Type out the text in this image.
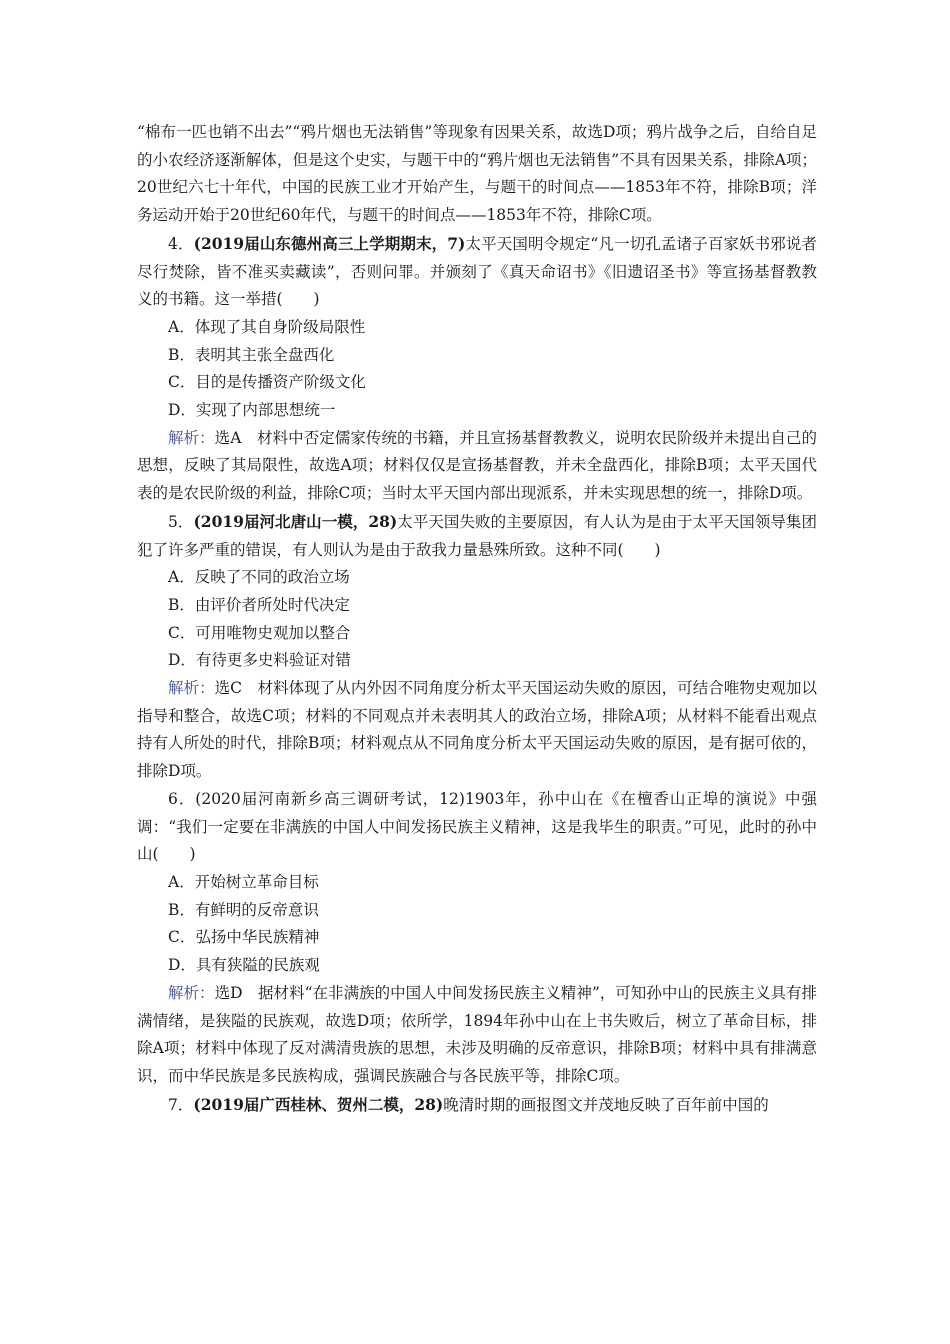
“棉布一匹也销不出去”“鸦片烟也无法销售”等现象有因果关系，故选D项；鸦片战争之后，自给自足的小农经济逐渐解体，但是这个史实，与题干中的“鸦片烟也无法销售”不具有因果关系，排除A项；20世纪六七十年代，中国的民族工业才开始产生，与题干的时间点——1853年不符，排除B项；洋务运动开始于20世纪60年代，与题干的时间点——1853年不符，排除C项。

4．(2019届山东德州高三上学期期末，7)太平天国明令规定“凡一切孔孟诸子百家妖书邪说者尽行焚除，皆不准买卖藏读”，否则问罪。并颁刻了《真天命诏书》《旧遗诏圣书》等宣扬基督教教义的书籍。这一举措(　　)

A．体现了其自身阶级局限性

B．表明其主张全盘西化

C．目的是传播资产阶级文化

D．实现了内部思想统一

解析：选A　材料中否定儒家传统的书籍，并且宣扬基督教教义，说明农民阶级并未提出自己的思想，反映了其局限性，故选A项；材料仅仅是宣扬基督教，并未全盘西化，排除B项；太平天国代表的是农民阶级的利益，排除C项；当时太平天国内部出现派系，并未实现思想的统一，排除D项。

5．(2019届河北唐山一模，28)太平天国失败的主要原因，有人认为是由于太平天国领导集团犯了许多严重的错误，有人则认为是由于敌我力量悬殊所致。这种不同(　　)

A．反映了不同的政治立场

B．由评价者所处时代决定

C．可用唯物史观加以整合

D．有待更多史料验证对错

解析：选C　材料体现了从内外因不同角度分析太平天国运动失败的原因，可结合唯物史观加以指导和整合，故选C项；材料的不同观点并未表明其人的政治立场，排除A项；从材料不能看出观点持有人所处的时代，排除B项；材料观点从不同角度分析太平天国运动失败的原因，是有据可依的，排除D项。

6．(2020届河南新乡高三调研考试，12)1903年，孙中山在《在檀香山正埠的演说》中强调：“我们一定要在非满族的中国人中间发扬民族主义精神，这是我毕生的职责。”可见，此时的孙中山(　　)

A．开始树立革命目标

B．有鲜明的反帝意识

C．弘扬中华民族精神

D．具有狭隘的民族观

解析：选D　据材料“在非满族的中国人中间发扬民族主义精神”，可知孙中山的民族主义具有排满情绪，是狭隘的民族观，故选D项；依所学，1894年孙中山在上书失败后，树立了革命目标，排除A项；材料中体现了反对满清贵族的思想，未涉及明确的反帝意识，排除B项；材料中具有排满意识，而中华民族是多民族构成，强调民族融合与各民族平等，排除C项。

7．(2019届广西桂林、贺州二模，28)晚清时期的画报图文并茂地反映了百年前中国的
